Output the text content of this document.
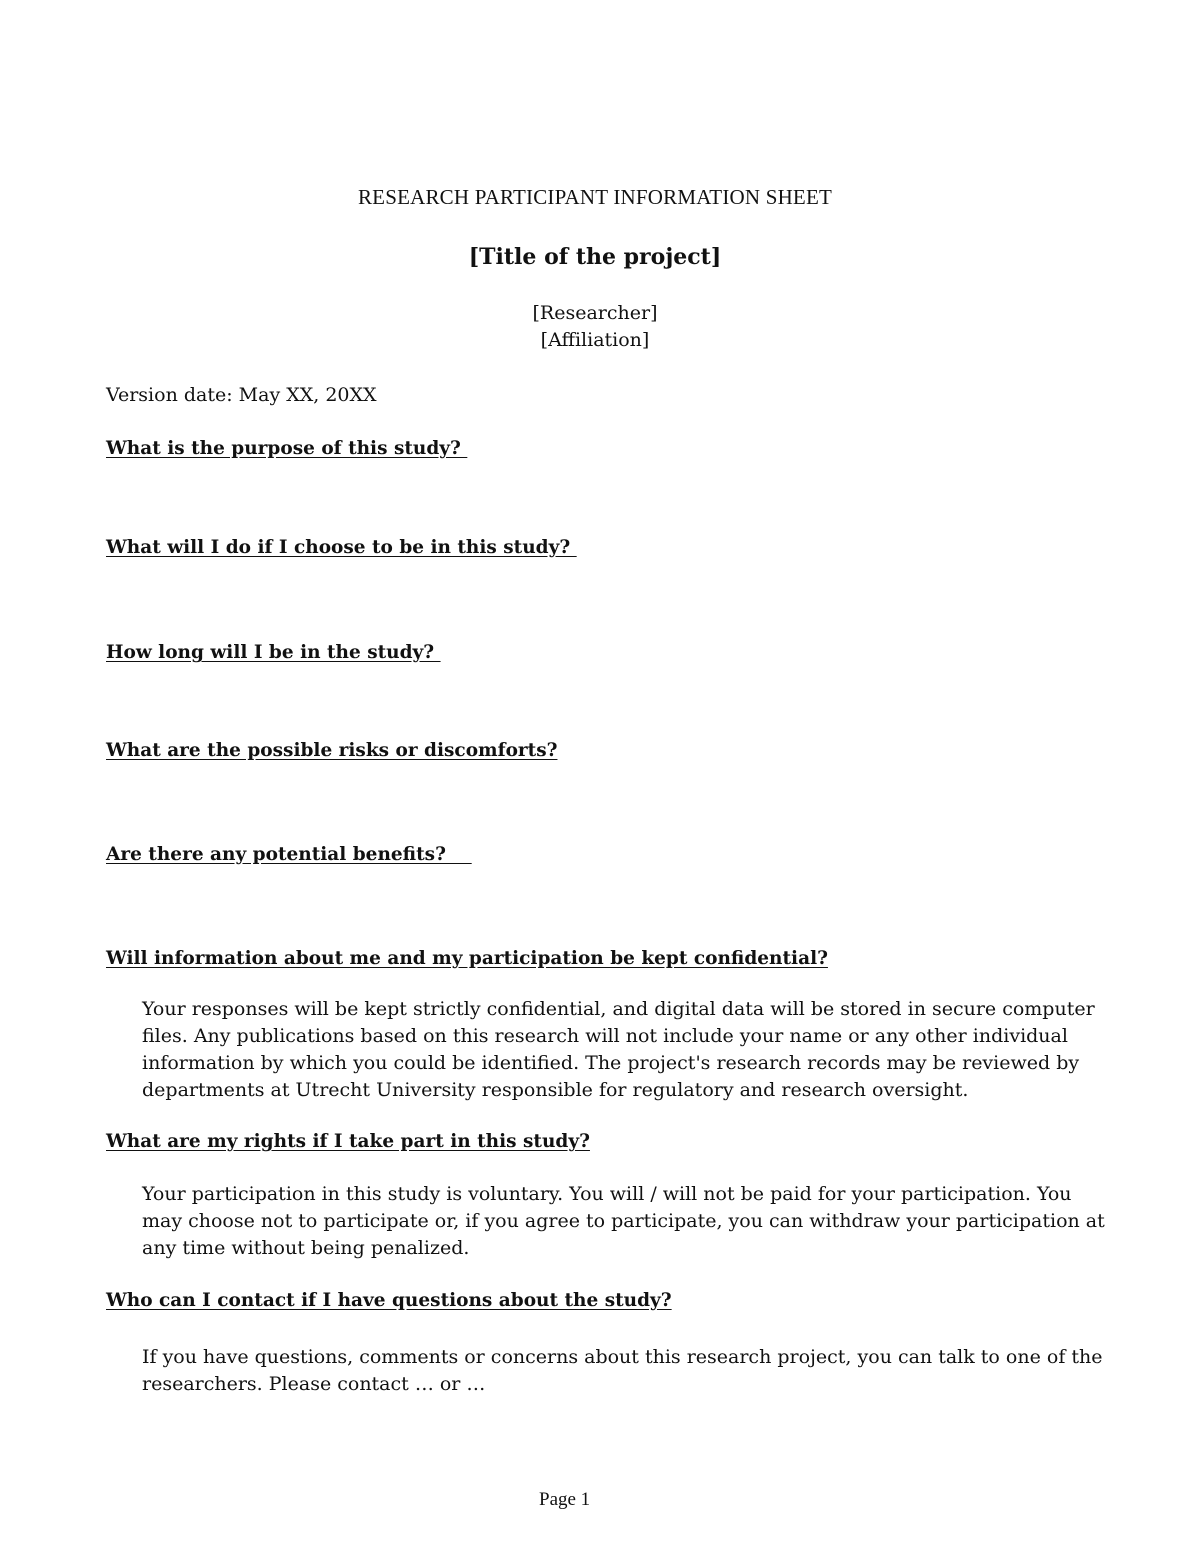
RESEARCH PARTICIPANT INFORMATION SHEET
[Title of the project]
[Researcher]
[Affiliation]
Version date: May XX, 20XX
What is the purpose of this study?
What will I do if I choose to be in this study?
How long will I be in the study?
What are the possible risks or discomforts?
Are there any potential benefits?
Will information about me and my participation be kept confidential?
Your responses will be kept strictly confidential, and digital data will be stored in secure computer
files. Any publications based on this research will not include your name or any other individual
information by which you could be identified. The project's research records may be reviewed by
departments at Utrecht University responsible for regulatory and research oversight.
What are my rights if I take part in this study?
Your participation in this study is voluntary. You will / will not be paid for your participation. You
may choose not to participate or, if you agree to participate, you can withdraw your participation at
any time without being penalized.
Who can I contact if I have questions about the study?
If you have questions, comments or concerns about this research project, you can talk to one of the
researchers. Please contact … or …
Page 1
